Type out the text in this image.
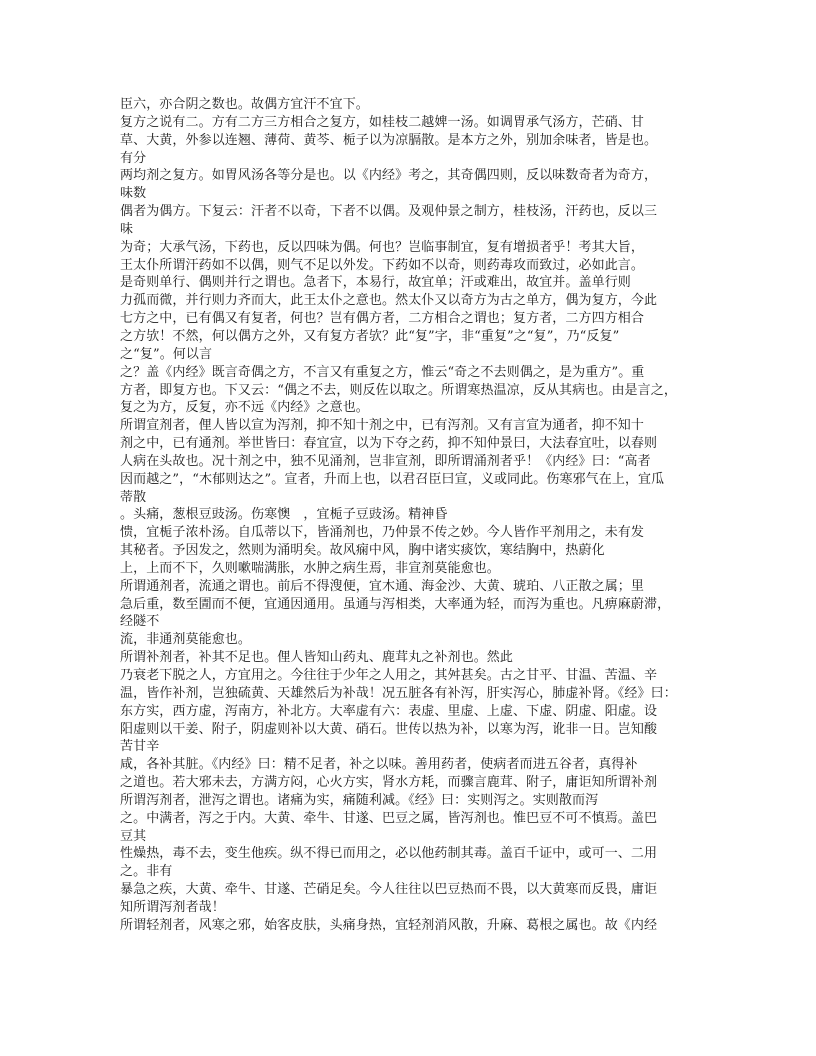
臣六，亦合阴之数也。故偶方宜汗不宜下。
复方之说有二。方有二方三方相合之复方，如桂枝二越婢一汤。如调胃承气汤方，芒硝、甘
草、大黄，外参以连翘、薄荷、黄芩、栀子以为凉膈散。是本方之外，别加余味者，皆是也。
有分
两均剂之复方。如胃风汤各等分是也。以《内经》考之，其奇偶四则，反以味数奇者为奇方，
味数
偶者为偶方。下复云：汗者不以奇，下者不以偶。及观仲景之制方，桂枝汤，汗药也，反以三
味
为奇；大承气汤，下药也，反以四味为偶。何也？岂临事制宜，复有增损者乎！考其大旨，
王太仆所谓汗药如不以偶，则气不足以外发。下药如不以奇，则药毒攻而致过，必如此言。
是奇则单行、偶则并行之谓也。急者下，本易行，故宜单；汗或难出，故宜并。盖单行则
力孤而微，并行则力齐而大，此王太仆之意也。然太仆又以奇方为古之单方，偶为复方，今此
七方之中，已有偶又有复者，何也？岂有偶方者，二方相合之谓也；复方者，二方四方相合
之方欤！不然，何以偶方之外，又有复方者欤？此“复”字，非“重复”之“复”，乃“反复”
之“复”。何以言
之？盖《内经》既言奇偶之方，不言又有重复之方，惟云“奇之不去则偶之，是为重方”。重
方者，即复方也。下又云：“偶之不去，则反佐以取之。所谓寒热温凉，反从其病也。由是言之，
复之为方，反复，亦不远《内经》之意也。
所谓宣剂者，俚人皆以宣为泻剂，抑不知十剂之中，已有泻剂。又有言宣为通者，抑不知十
剂之中，已有通剂。举世皆曰：春宜宣，以为下夺之药，抑不知仲景曰，大法春宜吐，以春则
人病在头故也。况十剂之中，独不见涌剂，岂非宣剂，即所谓涌剂者乎！《内经》曰：“高者
因而越之”，“木郁则达之”。宣者，升而上也，以君召臣曰宣，义或同此。伤寒邪气在上，宜瓜
蒂散
。头痛，葱根豆豉汤。伤寒懊　，宜栀子豆豉汤。精神昏
愦，宜栀子浓朴汤。自瓜蒂以下，皆涌剂也，乃仲景不传之妙。今人皆作平剂用之，未有发
其秘者。予因发之，然则为涌明矣。故风痫中风，胸中诸实痰饮，寒结胸中，热蔚化
上，上而不下，久则嗽喘满胀，水肿之病生焉，非宣剂莫能愈也。
所谓通剂者，流通之谓也。前后不得溲便，宜木通、海金沙、大黄、琥珀、八正散之属；里
急后重，数至圊而不便，宜通因通用。虽通与泻相类，大率通为轻，而泻为重也。凡痹麻蔚滞，
经隧不
流，非通剂莫能愈也。
所谓补剂者，补其不足也。俚人皆知山药丸、鹿茸丸之补剂也。然此
乃衰老下脱之人，方宜用之。今往往于少年之人用之，其舛甚矣。古之甘平、甘温、苦温、辛
温，皆作补剂，岂独硫黄、天雄然后为补哉！况五脏各有补泻，肝实泻心，肺虚补肾。《经》曰：
东方实，西方虚，泻南方，补北方。大率虚有六：表虚、里虚、上虚、下虚、阴虚、阳虚。设
阳虚则以干姜、附子，阴虚则补以大黄、硝石。世传以热为补，以寒为泻，讹非一日。岂知酸
苦甘辛
咸，各补其脏。《内经》曰：精不足者，补之以味。善用药者，使病者而进五谷者，真得补
之道也。若大邪未去，方满方闷，心火方实，肾水方耗，而骤言鹿茸、附子，庸讵知所谓补剂
所谓泻剂者，泄泻之谓也。诸痛为实，痛随利减。《经》曰：实则泻之。实则散而泻
之。中满者，泻之于内。大黄、牵牛、甘遂、巴豆之属，皆泻剂也。惟巴豆不可不慎焉。盖巴
豆其
性燥热，毒不去，变生他疾。纵不得已而用之，必以他药制其毒。盖百千证中，或可一、二用
之。非有
暴急之疾，大黄、牵牛、甘遂、芒硝足矣。今人往往以巴豆热而不畏，以大黄寒而反畏，庸讵
知所谓泻剂者哉！
所谓轻剂者，风寒之邪，始客皮肤，头痛身热，宜轻剂消风散，升麻、葛根之属也。故《内经
